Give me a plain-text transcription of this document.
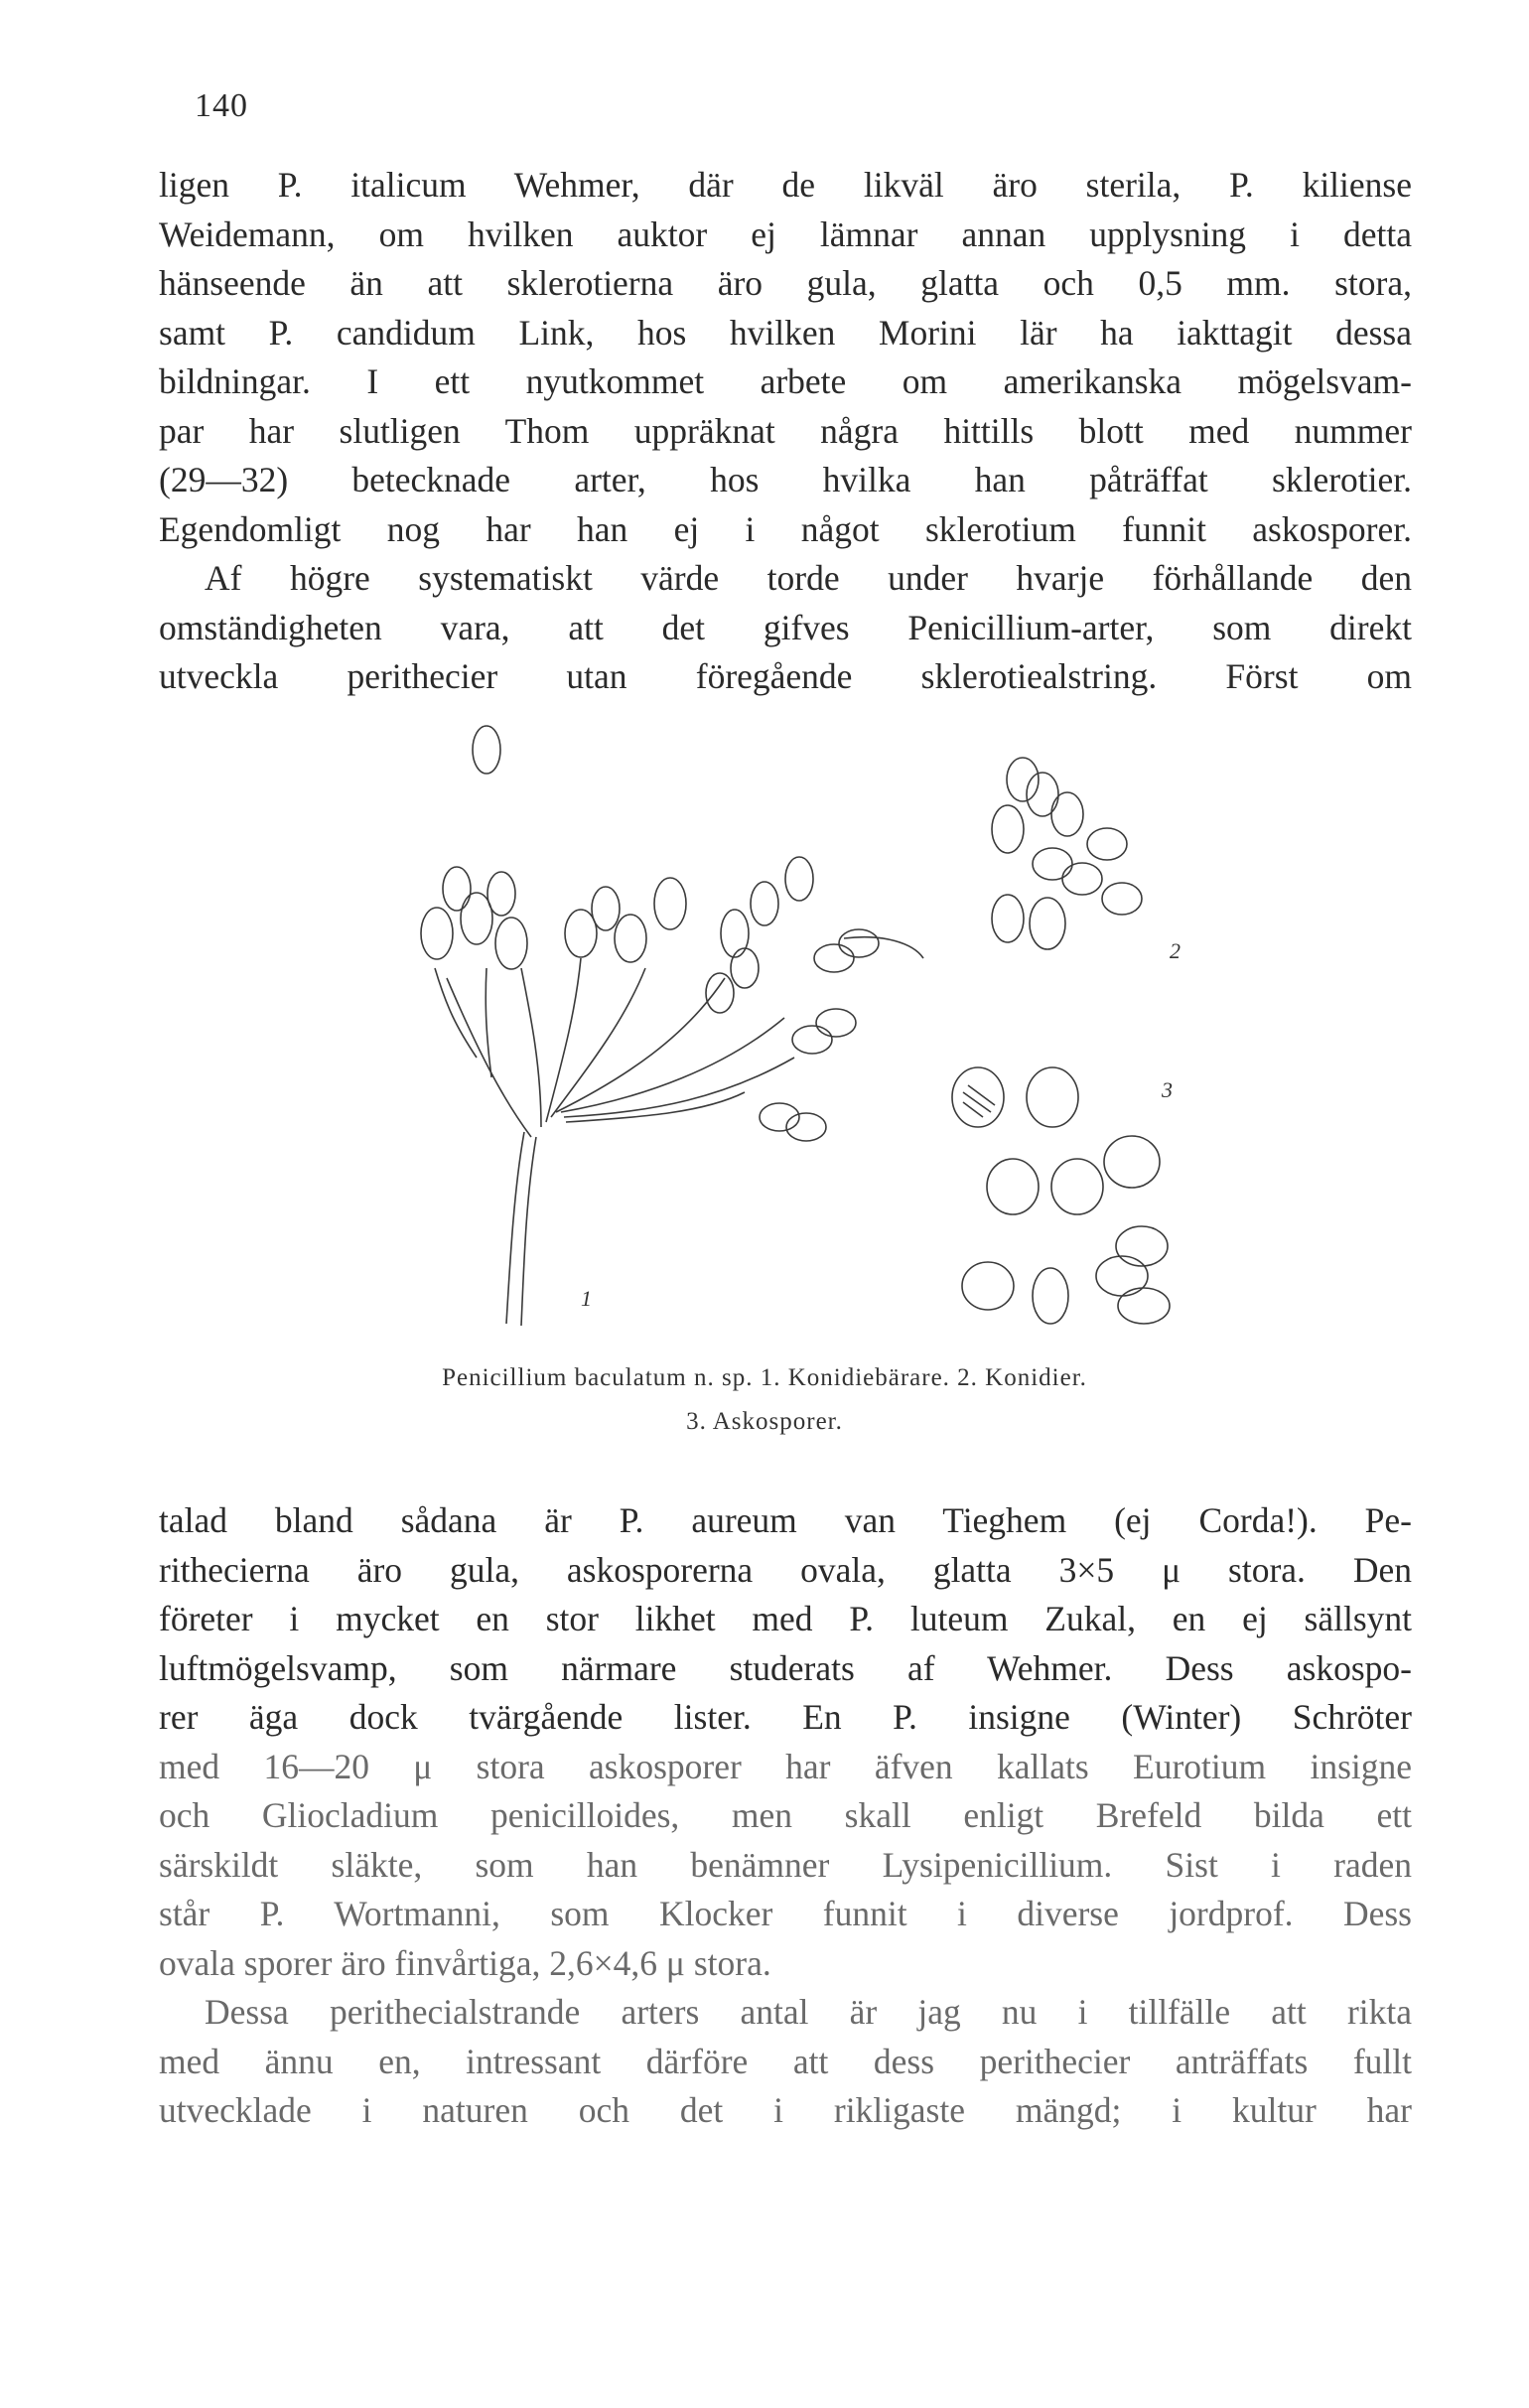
140
ligen P. italicum Wehmer, där de likväl äro sterila, P. kiliense
Weidemann, om hvilken auktor ej lämnar annan upplysning i detta
hänseende än att sklerotierna äro gula, glatta och 0,5 mm. stora,
samt P. candidum Link, hos hvilken Morini lär ha iakttagit dessa
bildningar. I ett nyutkommet arbete om amerikanska mögelsvam-
par har slutligen Thom uppräknat några hittills blott med nummer
(29—32) betecknade arter, hos hvilka han påträffat sklerotier.
Egendomligt nog har han ej i något sklerotium funnit askosporer.
Af högre systematiskt värde torde under hvarje förhållande den
omständigheten vara, att det gifves Penicillium-arter, som direkt
utveckla perithecier utan föregående sklerotiealstring. Först om
1
2
3
Penicillium baculatum n. sp. 1. Konidiebärare. 2. Konidier.
3. Askosporer.
talad bland sådana är P. aureum van Tieghem (ej Corda!). Pe-
rithecierna äro gula, askosporerna ovala, glatta 3×5 μ stora. Den
företer i mycket en stor likhet med P. luteum Zukal, en ej sällsynt
luftmögelsvamp, som närmare studerats af Wehmer. Dess askospo-
rer äga dock tvärgående lister. En P. insigne (Winter) Schröter
med 16—20 μ stora askosporer har äfven kallats Eurotium insigne
och Gliocladium penicilloides, men skall enligt Brefeld bilda ett
särskildt släkte, som han benämner Lysipenicillium. Sist i raden
står P. Wortmanni, som Klocker funnit i diverse jordprof. Dess
ovala sporer äro finvårtiga, 2,6×4,6 μ stora.
Dessa perithecialstrande arters antal är jag nu i tillfälle att rikta
med ännu en, intressant därföre att dess perithecier anträffats fullt
utvecklade i naturen och det i rikligaste mängd; i kultur har
